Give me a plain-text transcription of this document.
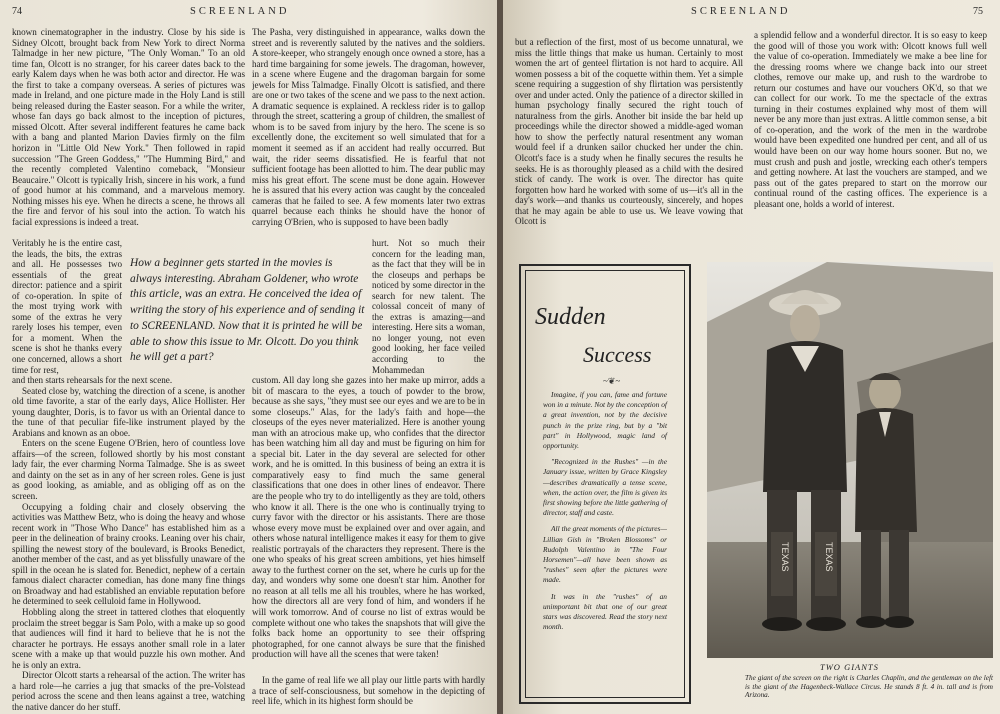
74	SCREENLAND

known cinematographer in the industry. Close by his side is Sidney Olcott, brought back from New York to direct Norma Talmadge in her new picture, "The Only Woman." To an old time fan, Olcott is no stranger, for his career dates back to the early Kalem days when he was both actor and director. He was the first to take a company overseas. A series of pictures was made in Ireland, and one picture made in the Holy Land is still being released during the Easter season. For a while the writer, whose fan days go back almost to the inception of pictures, missed Olcott. After several indifferent features he came back with a bang and planted Marion Davies firmly on the film horizon in "Little Old New York." Then followed in rapid succession "The Green Goddess," "The Humming Bird," and the recently completed Valentino comeback, "Monsieur Beaucaire." Olcott is typically Irish, sincere in his work, a fund of good humor at his command, and a marvelous memory. Nothing misses his eye. When he directs a scene, he throws all the fire and fervor of his soul into the action. To watch his facial expressions is indeed a treat.

Veritably he is the entire cast, the leads, the bits, the extras and all. He possesses two essentials of the great director: patience and a spirit of co-operation. In spite of the most trying work with some of the extras he very rarely loses his temper, even for a moment. When the scene is shot he thanks every one concerned, allows a short time for rest,

and then starts rehearsals for the next scene.

Seated close by, watching the direction of a scene, is another old time favorite, a star of the early days, Alice Hollister. Her young daughter, Doris, is to favor us with an Oriental dance to the tune of that peculiar fife-like instrument played by the Arabians and known as an oboe.

Enters on the scene Eugene O'Brien, hero of countless love affairs—of the screen, followed shortly by his most constant lady fair, the ever charming Norma Talmadge. She is as sweet and dainty on the set as in any of her screen roles. Gene is just as good looking, as amiable, and as obliging off as on the screen.

Occupying a folding chair and closely observing the activities was Matthew Betz, who is doing the heavy and whose recent work in "Those Who Dance" has established him as a peer in the delineation of brainy crooks. Leaning over his chair, spilling the newest story of the boulevard, is Brooks Benedict, another member of the cast, and as yet blissfully unaware of the spill in the ocean he is slated for. Benedict, nephew of a certain famous dialect character comedian, has done many fine things on Broadway and had established an enviable reputation before he determined to seek celluloid fame in Hollywood.

Hobbling along the street in tattered clothes that eloquently proclaim the street beggar is Sam Polo, with a make up so good that audiences will find it hard to believe that he is not the character he portrays. He essays another small role in a later scene with a make up that would puzzle his own mother. And he is only an extra.

Director Olcott starts a rehearsal of the action. The writer has a hard role—he carries a jug that smacks of the pre-Volstead period across the scene and then leans against a tree, watching the native dancer do her stuff.

The Pasha, very distinguished in appearance, walks down the street and is reverently saluted by the natives and the soldiers. A store-keeper, who strangely enough once owned a store, has a hard time bargaining for some jewels. The dragoman, however, in a scene where Eugene and the dragoman bargain for some jewels for Miss Talmadge. Finally Olcott is satisfied, and there are one or two takes of the scene and we pass to the next action. A dramatic sequence is explained. A reckless rider is to gallop through the street, scattering a group of children, the smallest of whom is to be saved from injury by the hero. The scene is so excellently done, the excitement so well simulated that for a moment it seemed as if an accident had really occurred. But wait, the rider seems dissatisfied. He is fearful that not sufficient footage has been allotted to him. The dear public may miss his great effort. The scene must be done again. However he is assured that his every action was caught by the concealed cameras that he failed to see. A few moments later two extras quarrel because each thinks he should have the honor of carrying O'Brien, who is supposed to have been badly

hurt. Not so much their concern for the leading man, as the fact that they will be in the closeups and perhaps be noticed by some director in the search for new talent. The colossal conceit of many of the extras is amazing—and interesting. Here sits a woman, no longer young, not even good looking, her face veiled according to the Mohammedan

custom. All day long she gazes into her make up mirror, adds a bit of mascara to the eyes, a touch of powder to the brow, because as she says, "they must see our eyes and we are to be in some closeups." Alas, for the lady's faith and hope—the closeups of the eyes never materialized. Here is another young man with an atrocious make up, who confides that the director has been watching him all day and must be figuring on him for a special bit. Later in the day several are selected for other work, and he is omitted. In this business of being an extra it is comparatively easy to find much the same general classifications that one does in other lines of endeavor. There are the people who try to do intelligently as they are told, others who know it all. There is the one who is continually trying to curry favor with the director or his assistants. There are those whose every move must be explained over and over again, and others whose natural intelligence makes it easy for them to give realistic portrayals of the characters they represent. There is the one who speaks of his great screen ambitions, yet hies himself away to the furthest corner on the set, where he curls up for the day, and wonders why some one doesn't star him. Another for no reason at all tells me all his troubles, where he has worked, how the directors all are very fond of him, and wonders if he will work tomorrow. And of course no list of extras would be complete without one who takes the snapshots that will give the folks back home an opportunity to see their offspring photographed, for one cannot always be sure that the finished production will have all the scenes that were taken!

In the game of real life we all play our little parts with hardly a trace of self-consciousness, but somehow in the depicting of reel life, which in its highest form should be

How a beginner gets started in the movies is always interesting. Abraham Goldener, who wrote this article, was an extra. He conceived the idea of writing the story of his experience and of sending it to SCREENLAND. Now that it is printed he will be able to show this issue to Mr. Olcott. Do you think he will get a part?
SCREENLAND	75

but a reflection of the first, most of us become unnatural, we miss the little things that make us human. Certainly to most women the art of genteel flirtation is not hard to acquire. All women possess a bit of the coquette within them. Yet a simple scene requiring a suggestion of shy flirtation was persistently over and under acted. Only the patience of a director skilled in human psychology finally secured the right touch of naturalness from the girls. Another bit inside the bar held up proceedings while the director showed a middle-aged woman how to show the perfectly natural resentment any woman would feel if a drunken sailor chucked her under the chin. Olcott's face is a study when he finally secures the results he seeks. He is as thoroughly pleased as a child with the desired stick of candy. The work is over. The director has quite forgotten how hard he worked with some of us—it's all in the day's work—and thanks us courteously, sincerely, and hopes that he may again be able to use us. We leave vowing that Olcott is

a splendid fellow and a wonderful director. It is so easy to keep the good will of those you work with: Olcott knows full well the value of co-operation. Immediately we make a bee line for the dressing rooms where we change back into our street clothes, remove our make up, and rush to the wardrobe to return our costumes and have our vouchers OK'd, so that we can collect for our work. To me the spectacle of the extras turning in their costumes explained why most of them will never be any more than just extras. A little common sense, a bit of co-operation, and the work of the men in the wardrobe would have been expedited one hundred per cent, and all of us would have been on our way home hours sooner. But no, we must crush and push and jostle, wrecking each other's tempers and getting nowhere. At last the vouchers are stamped, and we pass out of the gates prepared to start on the morrow our continual round of the casting offices. The experience is a pleasant one, holds a world of interest.

Sudden
Success
~❦~

Imagine, if you can, fame and fortune won in a minute. Not by the conception of a great invention, not by the decisive punch in the prize ring, but by a "bit part" in Hollywood, magic land of opportunity.

"Recognized in the Rushes" —in the January issue, written by Grace Kingsley—describes dramatically a tense scene, when, the action over, the film is given its first showing before the little gathering of director, staff and caste.

All the great moments of the pictures—Lillian Gish in "Broken Blossoms" or Rudolph Valentino in "The Four Horsemen"—all have been shown as "rushes" seen after the pictures were made.

It was in the "rushes" of an unimportant bit that one of our great stars was discovered. Read the story next month.

TEXAS	TEXAS
TWO GIANTS
The giant of the screen on the right is Charles Chaplin, and the gentleman on the left is the giant of the Hagenbeck-Wallace Circus. He stands 8 ft. 4 in. tall and is from Arizona.
